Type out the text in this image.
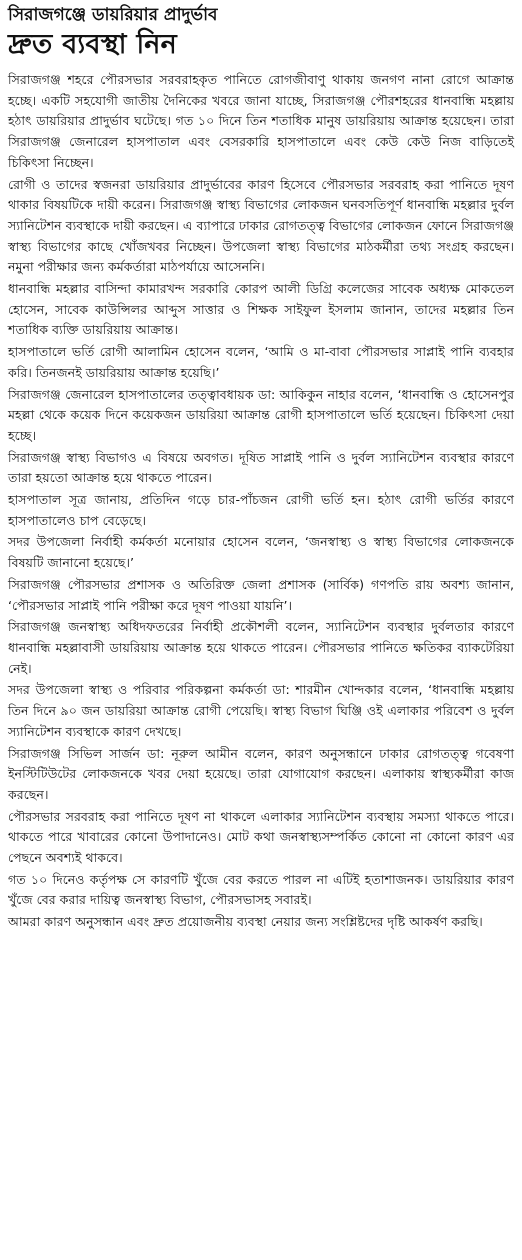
সিরাজগঞ্জে ডায়রিয়ার প্রাদুর্ভাব
দ্রুত ব্যবস্থা নিন

সিরাজগঞ্জ শহরে পৌরসভার সরবরাহকৃত পানিতে রোগজীবাণু থাকায় জনগণ নানা রোগে আক্রান্ত হচ্ছে। একটি সহযোগী জাতীয় দৈনিকের খবরে জানা যাচ্ছে, সিরাজগঞ্জ পৌরশহরের ধানবান্ধি মহল্লায় হঠাৎ ডায়রিয়ার প্রাদুর্ভাব ঘটেছে। গত ১০ দিনে তিন শতাধিক মানুষ ডায়রিয়ায় আক্রান্ত হয়েছেন। তারা সিরাজগঞ্জ জেনারেল হাসপাতাল এবং বেসরকারি হাসপাতালে এবং কেউ কেউ নিজ বাড়িতেই চিকিৎসা নিচ্ছেন।

রোগী ও তাদের স্বজনরা ডায়রিয়ার প্রাদুর্ভাবের কারণ হিসেবে পৌরসভার সরবরাহ করা পানিতে দূষণ থাকার বিষয়টিকে দায়ী করেন। সিরাজগঞ্জ স্বাস্থ্য বিভাগের লোকজন ঘনবসতিপূর্ণ ধানবান্ধি মহল্লার দুর্বল স্যানিটেশন ব্যবস্থাকে দায়ী করছেন। এ ব্যাপারে ঢাকার রোগতত্ত্ব বিভাগের লোকজন ফোনে সিরাজগঞ্জ স্বাস্থ্য বিভাগের কাছে খোঁজখবর নিচ্ছেন। উপজেলা স্বাস্থ্য বিভাগের মাঠকর্মীরা তথ্য সংগ্রহ করছেন। নমুনা পরীক্ষার জন্য কর্মকর্তারা মাঠপর্যায়ে আসেননি।

ধানবান্ধি মহল্লার বাসিন্দা কামারখন্দ সরকারি কোরপ আলী ডিগ্রি কলেজের সাবেক অধ্যক্ষ মোকতেল হোসেন, সাবেক কাউন্সিলর আব্দুস সাত্তার ও শিক্ষক সাইফুল ইসলাম জানান, তাদের মহল্লার তিন শতাধিক ব্যক্তি ডায়রিয়ায় আক্রান্ত।

হাসপাতালে ভর্তি রোগী আলামিন হোসেন বলেন, ‘আমি ও মা-বাবা পৌরসভার সাপ্লাই পানি ব্যবহার করি। তিনজনই ডায়রিয়ায় আক্রান্ত হয়েছি।’

সিরাজগঞ্জ জেনারেল হাসপাতালের তত্ত্বাবধায়ক ডা: আকিকুন নাহার বলেন, ‘ধানবান্ধি ও হোসেনপুর মহল্লা থেকে কয়েক দিনে কয়েকজন ডায়রিয়া আক্রান্ত রোগী হাসপাতালে ভর্তি হয়েছেন। চিকিৎসা দেয়া হচ্ছে।

সিরাজগঞ্জ স্বাস্থ্য বিভাগও এ বিষয়ে অবগত। দূষিত সাপ্লাই পানি ও দুর্বল স্যানিটেশন ব্যবস্থার কারণে তারা হয়তো আক্রান্ত হয়ে থাকতে পারেন।

হাসপাতাল সূত্র জানায়, প্রতিদিন গড়ে চার-পাঁচজন রোগী ভর্তি হন। হঠাৎ রোগী ভর্তির কারণে হাসপাতালেও চাপ বেড়েছে।

সদর উপজেলা নির্বাহী কর্মকর্তা মনোয়ার হোসেন বলেন, ‘জনস্বাস্থ্য ও স্বাস্থ্য বিভাগের লোকজনকে বিষয়টি জানানো হয়েছে।’

সিরাজগঞ্জ পৌরসভার প্রশাসক ও অতিরিক্ত জেলা প্রশাসক (সার্বিক) গণপতি রায় অবশ্য জানান, ‘পৌরসভার সাপ্লাই পানি পরীক্ষা করে দূষণ পাওয়া যায়নি’।

সিরাজগঞ্জ জনস্বাস্থ্য অধিদফতরের নির্বাহী প্রকৌশলী বলেন, স্যানিটেশন ব্যবস্থার দুর্বলতার কারণে ধানবান্ধি মহল্লাবাসী ডায়রিয়ায় আক্রান্ত হয়ে থাকতে পারেন। পৌরসভার পানিতে ক্ষতিকর ব্যাকটেরিয়া নেই।

সদর উপজেলা স্বাস্থ্য ও পরিবার পরিকল্পনা কর্মকর্তা ডা: শারমীন খোন্দকার বলেন, ‘ধানবান্ধি মহল্লায় তিন দিনে ৯০ জন ডায়রিয়া আক্রান্ত রোগী পেয়েছি। স্বাস্থ্য বিভাগ ঘিঞ্জি ওই এলাকার পরিবেশ ও দুর্বল স্যানিটেশন ব্যবস্থাকে কারণ দেখছে।

সিরাজগঞ্জ সিভিল সার্জন ডা: নূরুল আমীন বলেন, কারণ অনুসন্ধানে ঢাকার রোগতত্ত্ব গবেষণা ইনস্টিটিউটের লোকজনকে খবর দেয়া হয়েছে। তারা যোগাযোগ করছেন। এলাকায় স্বাস্থ্যকর্মীরা কাজ করছেন।

পৌরসভার সরবরাহ করা পানিতে দূষণ না থাকলে এলাকার স্যানিটেশন ব্যবস্থায় সমস্যা থাকতে পারে। থাকতে পারে খাবারের কোনো উপাদানেও। মোট কথা জনস্বাস্থ্যসম্পর্কিত কোনো না কোনো কারণ এর পেছনে অবশ্যই থাকবে।

গত ১০ দিনেও কর্তৃপক্ষ সে কারণটি খুঁজে বের করতে পারল না এটিই হতাশাজনক। ডায়রিয়ার কারণ খুঁজে বের করার দায়িত্ব জনস্বাস্থ্য বিভাগ, পৌরসভাসহ সবারই।

আমরা কারণ অনুসন্ধান এবং দ্রুত প্রয়োজনীয় ব্যবস্থা নেয়ার জন্য সংশ্লিষ্টদের দৃষ্টি আকর্ষণ করছি।
